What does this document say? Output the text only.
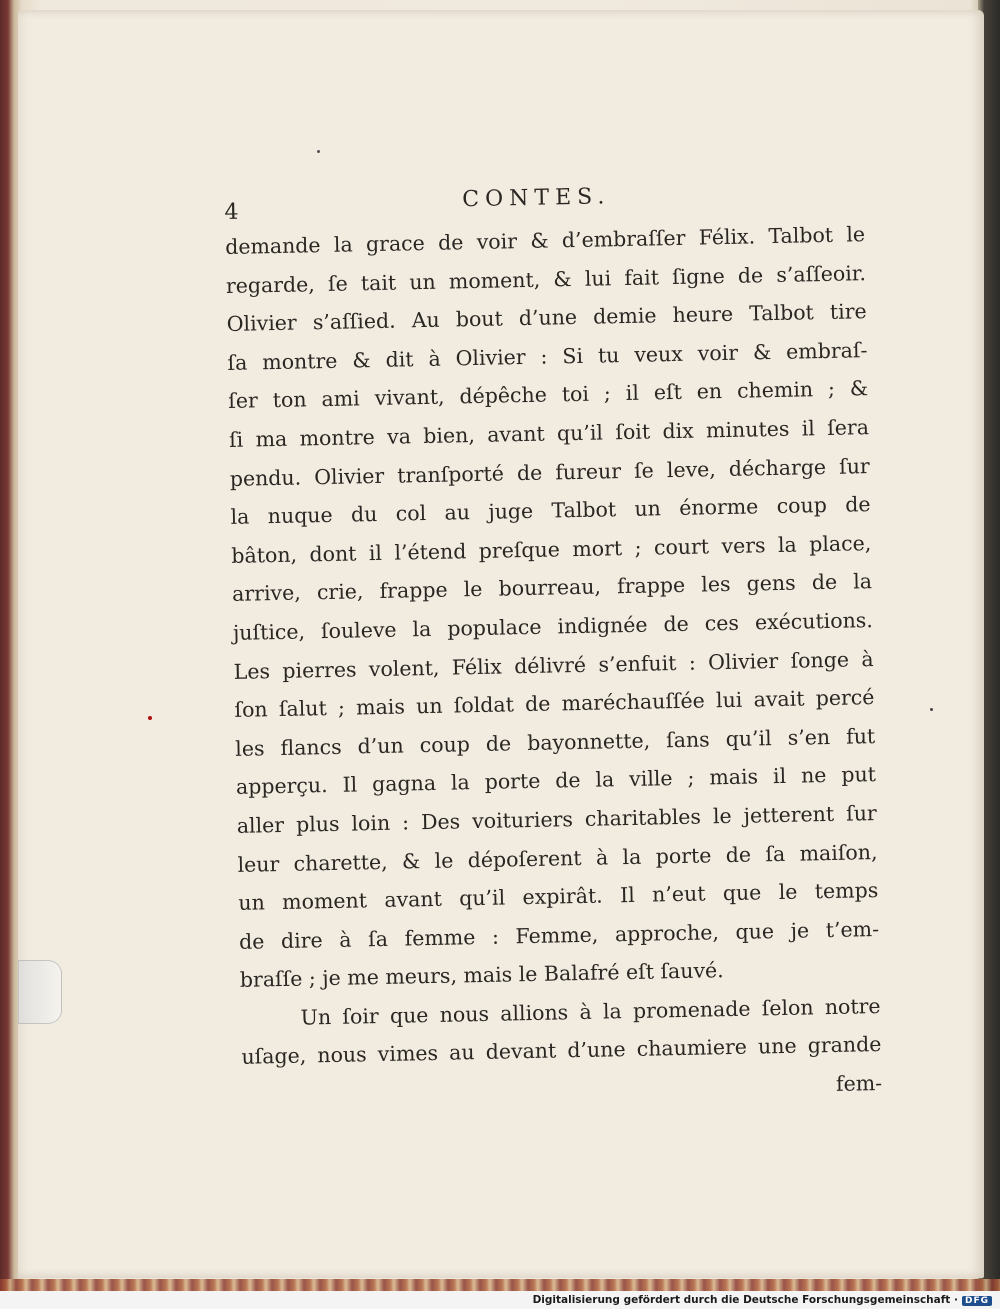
4
CONTES.
demande la grace de voir & d’embraſſer Félix. Talbot le
regarde, ſe tait un moment, & lui fait ſigne de s’aſſeoir.
Olivier s’aſſied. Au bout d’une demie heure Talbot tire
ſa montre & dit à Olivier : Si tu veux voir & embraſ-
ſer ton ami vivant, dépêche toi ; il eſt en chemin ; &
ſi ma montre va bien, avant qu’il ſoit dix minutes il ſera
pendu. Olivier tranſporté de fureur ſe leve, décharge ſur
la nuque du col au juge Talbot un énorme coup de
bâton, dont il l’étend preſque mort ; court vers la place,
arrive, crie, frappe le bourreau, frappe les gens de la
juſtice, ſouleve la populace indignée de ces exécutions.
Les pierres volent, Félix délivré s’enfuit : Olivier ſonge à
ſon ſalut ; mais un ſoldat de maréchauſſée lui avait percé
les flancs d’un coup de bayonnette, ſans qu’il s’en fut
apperçu. Il gagna la porte de la ville ; mais il ne put
aller plus loin : Des voituriers charitables le jetterent ſur
leur charette, & le dépoſerent à la porte de ſa maiſon,
un moment avant qu’il expirât. Il n’eut que le temps
de dire à ſa femme : Femme, approche, que je t’em-
braſſe ; je me meurs, mais le Balafré eſt ſauvé.
Un ſoir que nous allions à la promenade ſelon notre
uſage, nous vimes au devant d’une chaumiere une grande
fem-
Digitalisierung gefördert durch die Deutsche Forschungsgemeinschaft · DFG
